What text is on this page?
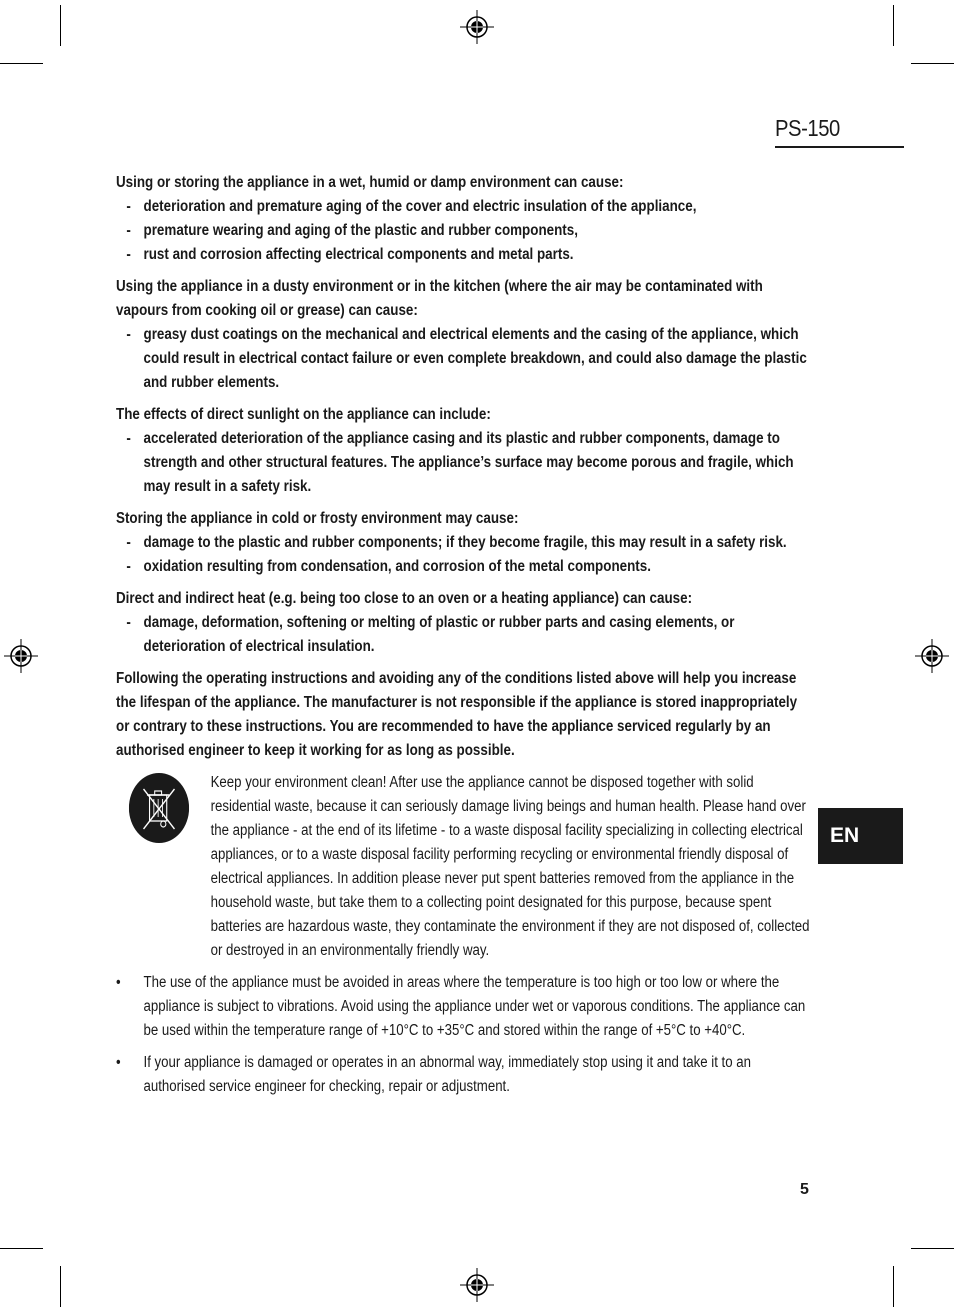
PS-150
EN
Using or storing the appliance in a wet, humid or damp environment can cause:
- deterioration and premature aging of the cover and electric insulation of the appliance,
- premature wearing and aging of the plastic and rubber components,
- rust and corrosion affecting electrical components and metal parts.
Using the appliance in a dusty environment or in the kitchen (where the air may be contaminated with vapours from cooking oil or grease) can cause:
- greasy dust coatings on the mechanical and electrical elements and the casing of the appliance, which could result in electrical contact failure or even complete breakdown, and could also damage the plastic and rubber elements.
The effects of direct sunlight on the appliance can include:
- accelerated deterioration of the appliance casing and its plastic and rubber components, damage to strength and other structural features. The appliance’s surface may become porous and fragile, which may result in a safety risk.
Storing the appliance in cold or frosty environment may cause:
- damage to the plastic and rubber components; if they become fragile, this may result in a safety risk.
- oxidation resulting from condensation, and corrosion of the metal components.
Direct and indirect heat (e.g. being too close to an oven or a heating appliance) can cause:
- damage, deformation, softening or melting of plastic or rubber parts and casing elements, or deterioration of electrical insulation.
Following the operating instructions and avoiding any of the conditions listed above will help you increase the lifespan of the appliance. The manufacturer is not responsible if the appliance is stored inappropriately or contrary to these instructions. You are recommended to have the appliance serviced regularly by an authorised engineer to keep it working for as long as possible.
Keep your environment clean! After use the appliance cannot be disposed together with solid residential waste, because it can seriously damage living beings and human health. Please hand over the appliance - at the end of its lifetime - to a waste disposal facility specializing in collecting electrical appliances, or to a waste disposal facility performing recycling or environmental friendly disposal of electrical appliances. In addition please never put spent batteries removed from the appliance in the household waste, but take them to a collecting point designated for this purpose, because spent batteries are hazardous waste, they contaminate the environment if they are not disposed of, collected or destroyed in an environmentally friendly way.
• The use of the appliance must be avoided in areas where the temperature is too high or too low or where the appliance is subject to vibrations. Avoid using the appliance under wet or vaporous conditions. The appliance can be used within the temperature range of +10°C to +35°C and stored within the range of +5°C to +40°C.
• If your appliance is damaged or operates in an abnormal way, immediately stop using it and take it to an authorised service engineer for checking, repair or adjustment.
5
